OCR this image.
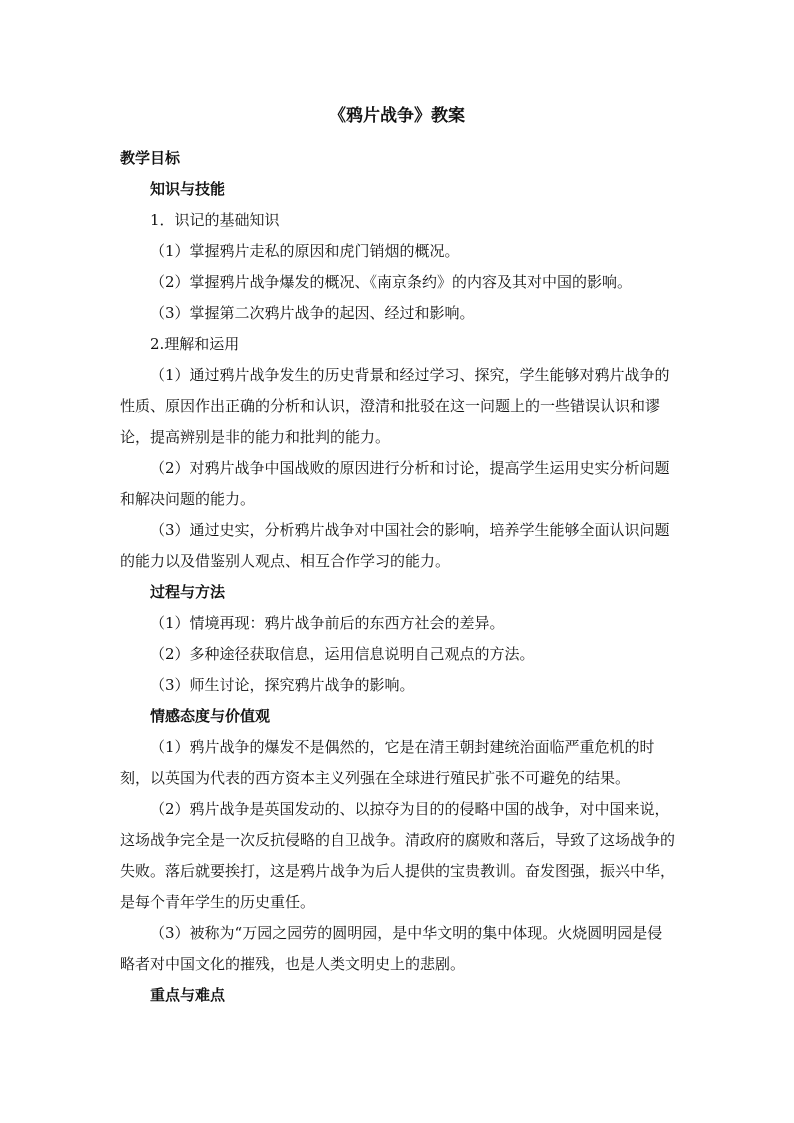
《鸦片战争》教案

教学目标

知识与技能

1．识记的基础知识

（1）掌握鸦片走私的原因和虎门销烟的概况。

（2）掌握鸦片战争爆发的概况、《南京条约》的内容及其对中国的影响。

（3）掌握第二次鸦片战争的起因、经过和影响。

2.理解和运用

（1）通过鸦片战争发生的历史背景和经过学习、探究，学生能够对鸦片战争的性质、原因作出正确的分析和认识，澄清和批驳在这一问题上的一些错误认识和谬论，提高辨别是非的能力和批判的能力。

（2）对鸦片战争中国战败的原因进行分析和讨论，提高学生运用史实分析问题和解决问题的能力。

（3）通过史实，分析鸦片战争对中国社会的影响，培养学生能够全面认识问题的能力以及借鉴别人观点、相互合作学习的能力。

过程与方法

（1）情境再现：鸦片战争前后的东西方社会的差异。

（2）多种途径获取信息，运用信息说明自己观点的方法。

（3）师生讨论，探究鸦片战争的影响。

情感态度与价值观

（1）鸦片战争的爆发不是偶然的，它是在清王朝封建统治面临严重危机的时刻，以英国为代表的西方资本主义列强在全球进行殖民扩张不可避免的结果。

（2）鸦片战争是英国发动的、以掠夺为目的的侵略中国的战争，对中国来说，这场战争完全是一次反抗侵略的自卫战争。清政府的腐败和落后，导致了这场战争的失败。落后就要挨打，这是鸦片战争为后人提供的宝贵教训。奋发图强，振兴中华，是每个青年学生的历史重任。

（3）被称为“万园之园劳的圆明园，是中华文明的集中体现。火烧圆明园是侵略者对中国文化的摧残，也是人类文明史上的悲剧。

重点与难点
